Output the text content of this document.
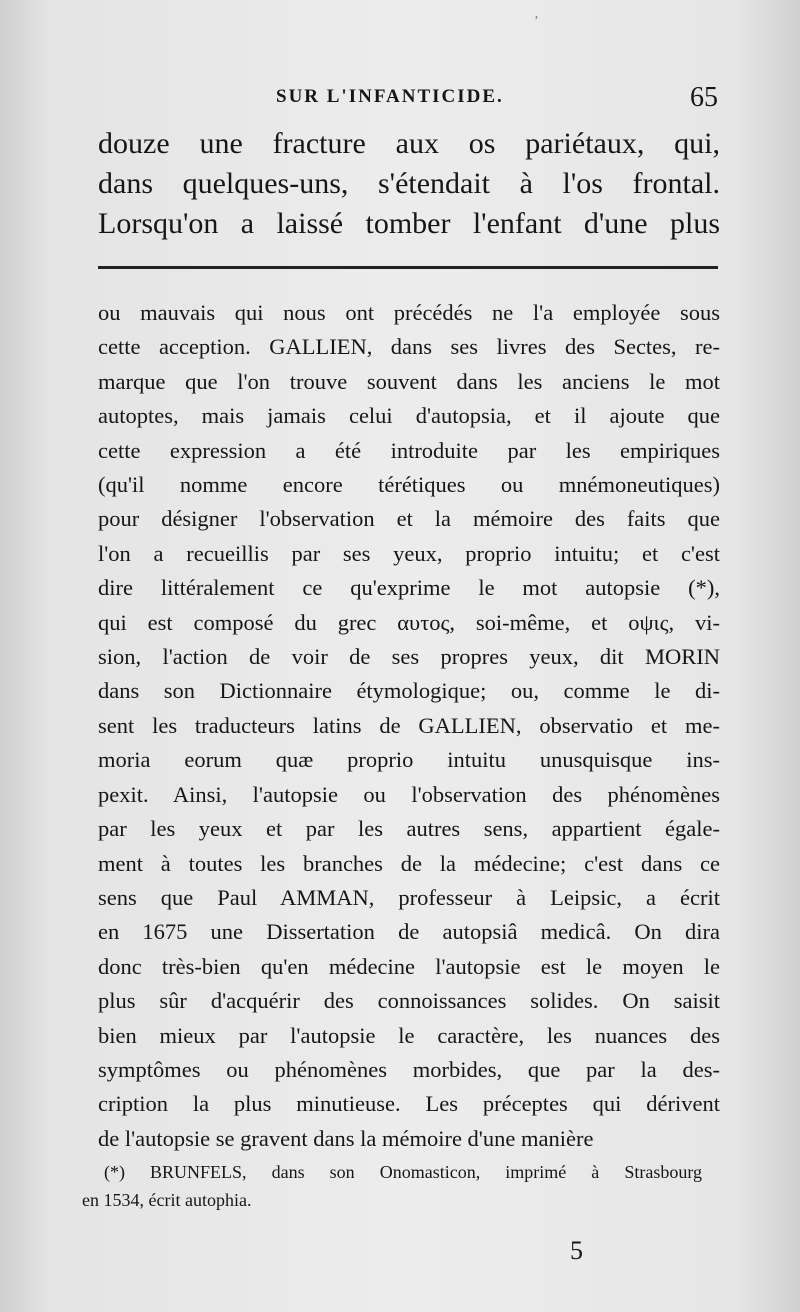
ʼ
SUR L'INFANTICIDE.	65
douze une fracture aux os pariétaux, qui,
dans quelques-uns, s'étendait à l'os frontal.
Lorsqu'on a laissé tomber l'enfant d'une plus
ou mauvais qui nous ont précédés ne l'a employée sous
cette acception. GALLIEN, dans ses livres des Sectes, re-
marque que l'on trouve souvent dans les anciens le mot
autoptes, mais jamais celui d'autopsia, et il ajoute que
cette expression a été introduite par les empiriques
(qu'il nomme encore térétiques ou mnémoneutiques)
pour désigner l'observation et la mémoire des faits que
l'on a recueillis par ses yeux, proprio intuitu; et c'est
dire littéralement ce qu'exprime le mot autopsie (*),
qui est composé du grec αυτος, soi-même, et οψις, vi-
sion, l'action de voir de ses propres yeux, dit MORIN
dans son Dictionnaire étymologique; ou, comme le di-
sent les traducteurs latins de GALLIEN, observatio et me-
moria eorum quæ proprio intuitu unusquisque ins-
pexit. Ainsi, l'autopsie ou l'observation des phénomènes
par les yeux et par les autres sens, appartient égale-
ment à toutes les branches de la médecine; c'est dans ce
sens que Paul AMMAN, professeur à Leipsic, a écrit
en 1675 une Dissertation de autopsiâ medicâ. On dira
donc très-bien qu'en médecine l'autopsie est le moyen le
plus sûr d'acquérir des connoissances solides. On saisit
bien mieux par l'autopsie le caractère, les nuances des
symptômes ou phénomènes morbides, que par la des-
cription la plus minutieuse. Les préceptes qui dérivent
de l'autopsie se gravent dans la mémoire d'une manière
(*) BRUNFELS, dans son Onomasticon, imprimé à Strasbourg
en 1534, écrit autophia.
5
